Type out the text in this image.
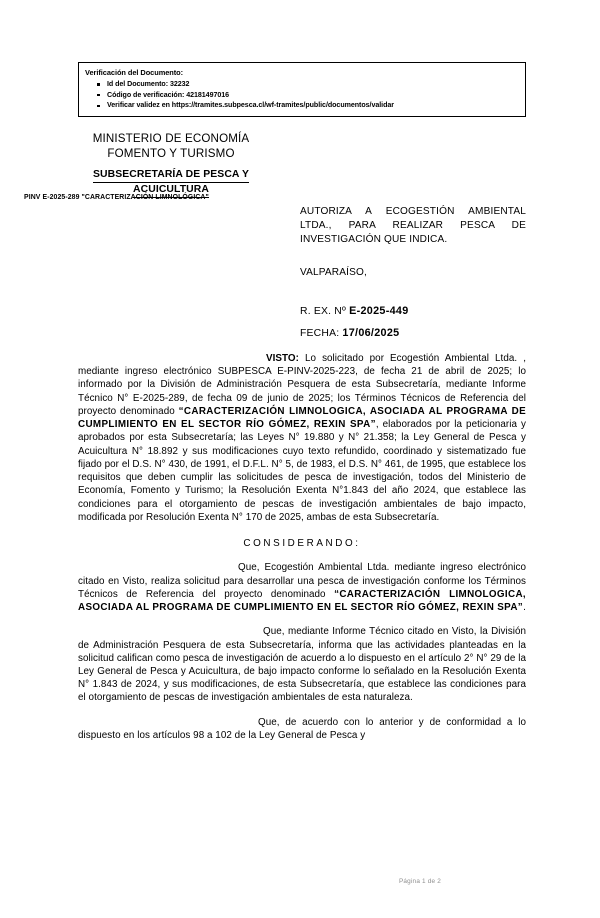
Verificación del Documento:
Id del Documento: 32232
Código de verificación: 42181497016
Verificar validez en https://tramites.subpesca.cl/wf-tramites/public/documentos/validar
MINISTERIO DE ECONOMÍA
FOMENTO Y TURISMO
SUBSECRETARÍA DE PESCA Y
ACUICULTURA
PINV E-2025-289 "CARACTERIZACIÓN LIMNOLÓGICA"
AUTORIZA A ECOGESTIÓN AMBIENTAL LTDA., PARA REALIZAR PESCA DE INVESTIGACIÓN QUE INDICA.
VALPARAÍSO,
R. EX. Nº E-2025-449
FECHA: 17/06/2025

VISTO: Lo solicitado por Ecogestión Ambiental Ltda. , mediante ingreso electrónico SUBPESCA E-PINV-2025-223, de fecha 21 de abril de 2025; lo informado por la División de Administración Pesquera de esta Subsecretaría, mediante Informe Técnico N° E-2025-289, de fecha 09 de junio de 2025; los Términos Técnicos de Referencia del proyecto denominado “CARACTERIZACIÓN LIMNOLOGICA, ASOCIADA AL PROGRAMA DE CUMPLIMIENTO EN EL SECTOR RÍO GÓMEZ, REXIN SPA”, elaborados por la peticionaria y aprobados por esta Subsecretaría; las Leyes N° 19.880 y N° 21.358; la Ley General de Pesca y Acuicultura N° 18.892 y sus modificaciones cuyo texto refundido, coordinado y sistematizado fue fijado por el D.S. N° 430, de 1991, el D.F.L. N° 5, de 1983, el D.S. N° 461, de 1995, que establece los requisitos que deben cumplir las solicitudes de pesca de investigación, todos del Ministerio de Economía, Fomento y Turismo; la Resolución Exenta N°1.843 del año 2024, que establece las condiciones para el otorgamiento de pescas de investigación ambientales de bajo impacto, modificada por Resolución Exenta N° 170 de 2025, ambas de esta Subsecretaría.

CONSIDERANDO:

Que, Ecogestión Ambiental Ltda. mediante ingreso electrónico citado en Visto, realiza solicitud para desarrollar una pesca de investigación conforme los Términos Técnicos de Referencia del proyecto denominado “CARACTERIZACIÓN LIMNOLOGICA, ASOCIADA AL PROGRAMA DE CUMPLIMIENTO EN EL SECTOR RÍO GÓMEZ, REXIN SPA”.

Que, mediante Informe Técnico citado en Visto, la División de Administración Pesquera de esta Subsecretaría, informa que las actividades planteadas en la solicitud califican como pesca de investigación de acuerdo a lo dispuesto en el artículo 2° N° 29 de la Ley General de Pesca y Acuicultura, de bajo impacto conforme lo señalado en la Resolución Exenta N° 1.843 de 2024, y sus modificaciones, de esta Subsecretaría, que establece las condiciones para el otorgamiento de pescas de investigación ambientales de esta naturaleza.

Que, de acuerdo con lo anterior y de conformidad a lo dispuesto en los artículos 98 a 102 de la Ley General de Pesca y

Página 1 de 2
